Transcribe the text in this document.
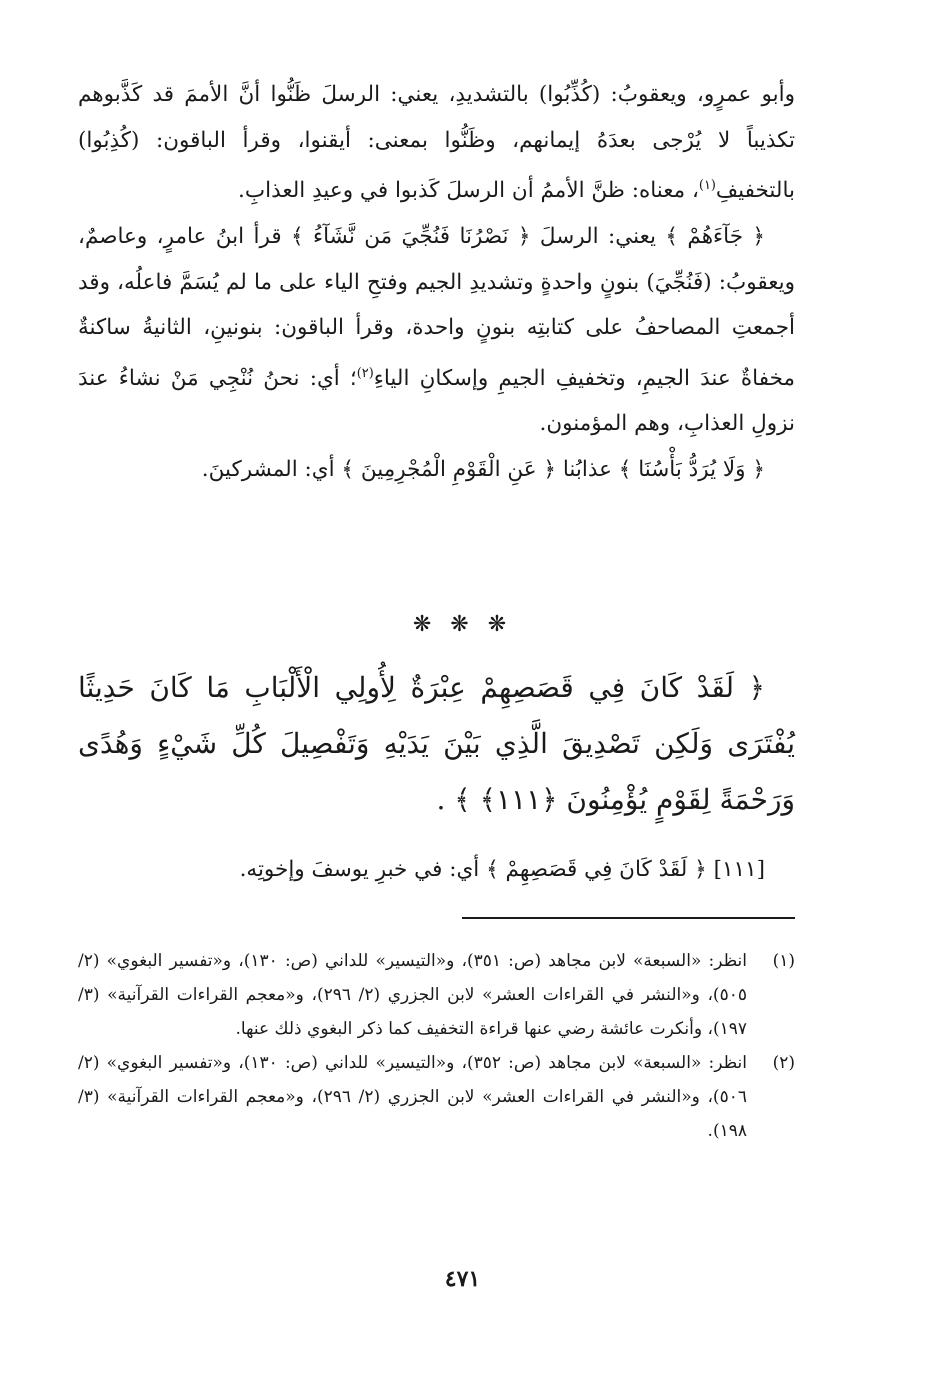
وأبو عمرٍو، ويعقوبُ: (كُذِّبُوا) بالتشديدِ، يعني: الرسلَ ظَنُّوا أنَّ الأممَ قد كَذَّبوهم تكذيباً لا يُرْجى بعدَهُ إيمانهم، وظَنُّوا بمعنى: أيقنوا، وقرأ الباقون: (كُذِبُوا) بالتخفيفِ$^{(١)}$، معناه: ظنَّ الأممُ أن الرسلَ كَذبوا في وعيدِ العذابِ.

﴿ جَآءَهُمْ ﴾ يعني: الرسلَ ﴿ نَصْرُنَا فَنُجِّيَ مَن نَّشَآءُ ﴾ قرأ ابنُ عامرٍ، وعاصمٌ، ويعقوبُ: (فَنُجِّيَ) بنونٍ واحدةٍ وتشديدِ الجيم وفتحِ الياء على ما لم يُسَمَّ فاعلُه، وقد أجمعتِ المصاحفُ على كتابتِه بنونٍ واحدة، وقرأ الباقون: بنونينِ، الثانيةُ ساكنةٌ مخفاةٌ عندَ الجيمِ، وتخفيفِ الجيمِ وإسكانِ الياءِ$^{(٢)}$؛ أي: نحنُ نُنْجِي مَنْ نشاءُ عندَ نزولِ العذابِ، وهم المؤمنون.

﴿ وَلَا يُرَدُّ بَأْسُنَا ﴾ عذابُنا ﴿ عَنِ الْقَوْمِ الْمُجْرِمِينَ ﴾ أي: المشركينَ.

❋ ❋ ❋

﴿ لَقَدْ كَانَ فِي قَصَصِهِمْ عِبْرَةٌ لِأُولِي الْأَلْبَابِ مَا كَانَ حَدِيثًا يُفْتَرَى وَلَكِن تَصْدِيقَ الَّذِي بَيْنَ يَدَيْهِ وَتَفْصِيلَ كُلِّ شَيْءٍ وَهُدًى وَرَحْمَةً لِقَوْمٍ يُؤْمِنُونَ ﴿١١١﴾ ﴾ .

[١١١] ﴿ لَقَدْ كَانَ فِي قَصَصِهِمْ ﴾ أي: في خبرِ يوسفَ وإخوتِه.
(١)
انظر: «السبعة» لابن مجاهد (ص: ٣٥١)، و«التيسير» للداني (ص: ١٣٠)، و«تفسير البغوي» (٢/ ٥٠٥)، و«النشر في القراءات العشر» لابن الجزري (٢/ ٢٩٦)، و«معجم القراءات القرآنية» (٣/ ١٩٧)، وأنكرت عائشة رضي عنها قراءة التخفيف كما ذكر البغوي ذلك عنها.
(٢)
انظر: «السبعة» لابن مجاهد (ص: ٣٥٢)، و«التيسير» للداني (ص: ١٣٠)، و«تفسير البغوي» (٢/ ٥٠٦)، و«النشر في القراءات العشر» لابن الجزري (٢/ ٢٩٦)، و«معجم القراءات القرآنية» (٣/ ١٩٨).
٤٧١
